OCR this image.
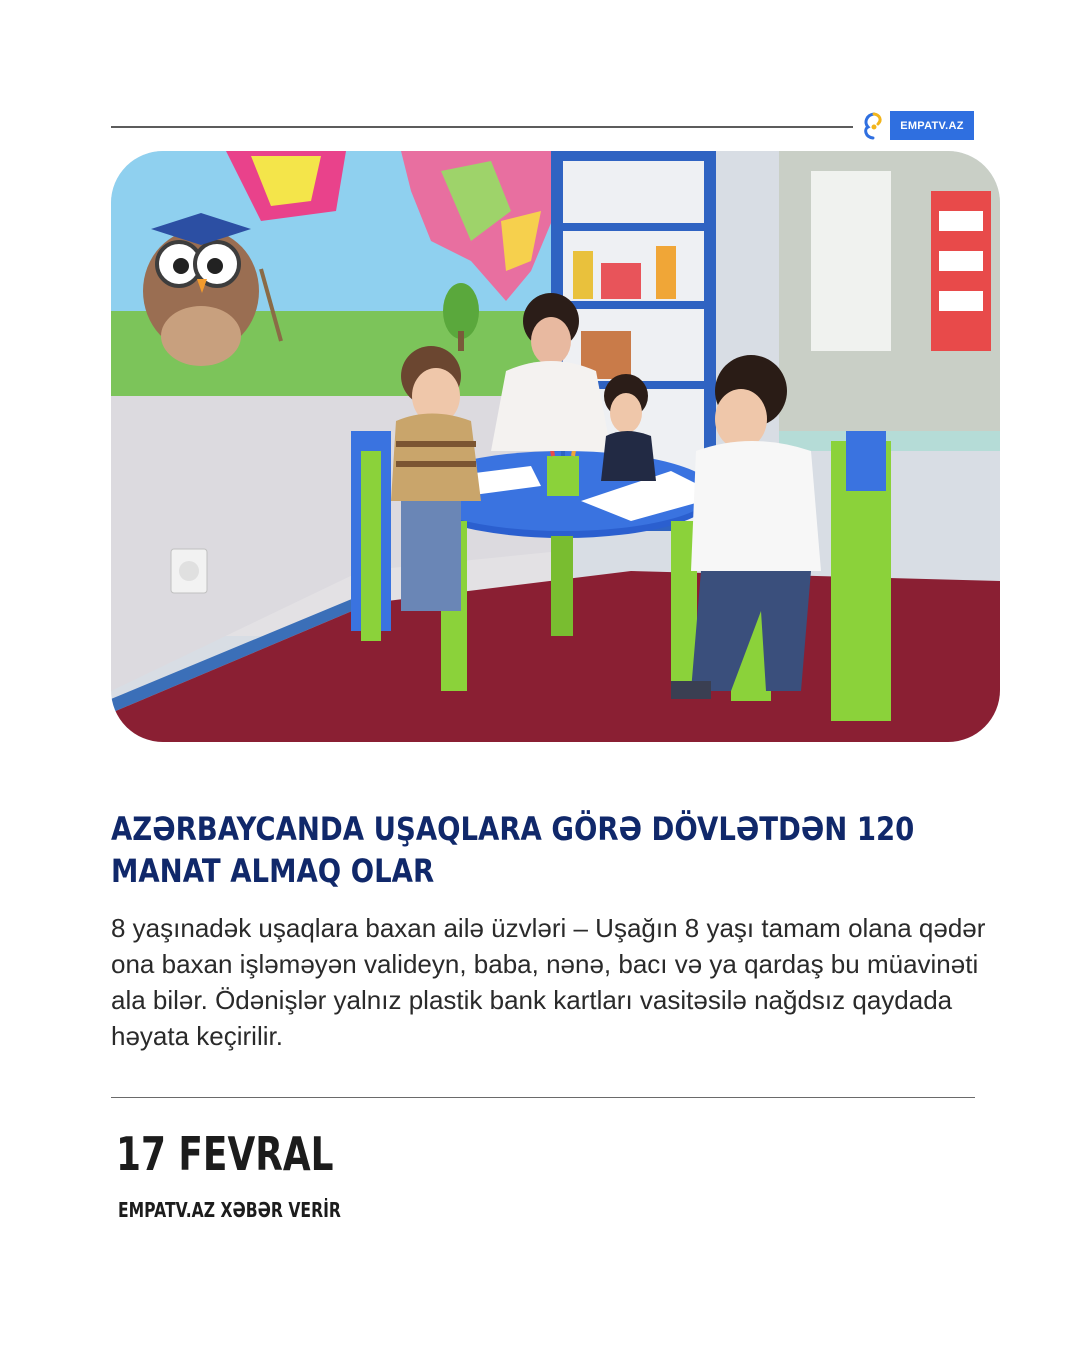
EMPATV.AZ
AZƏRBAYCANDA UŞAQLARA GÖRƏ DÖVLƏTDƏN 120 MANAT ALMAQ OLAR

8 yaşınadək uşaqlara baxan ailə üzvləri – Uşağın 8 yaşı tamam olana qədər ona baxan işləməyən valideyn, baba, nənə, bacı və ya qardaş bu müavinəti ala bilər. Ödənişlər yalnız plastik bank kartları vasitəsilə nağdsız qaydada həyata keçirilir.

17 FEVRAL
EMPATV.AZ XƏBƏR VERİR
